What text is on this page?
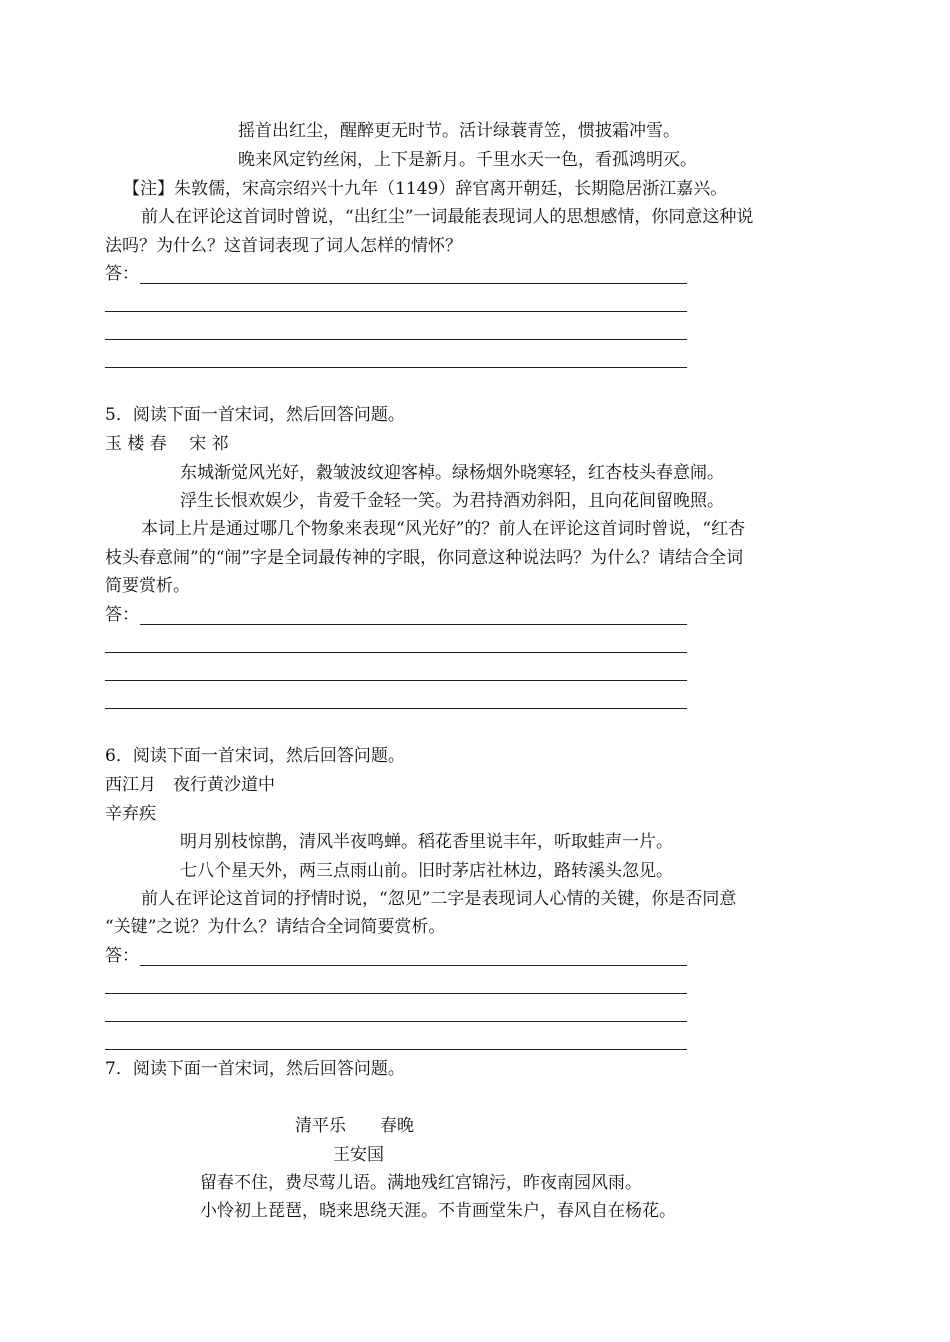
摇首出红尘，醒醉更无时节。活计绿蓑青笠，惯披霜冲雪。
晚来风定钓丝闲，上下是新月。千里水天一色，看孤鸿明灭。
【注】朱敦儒，宋高宗绍兴十九年（1149）辞官离开朝廷，长期隐居浙江嘉兴。
前人在评论这首词时曾说，“出红尘”一词最能表现词人的思想感情，你同意这种说
法吗？为什么？这首词表现了词人怎样的情怀？
答：
5．阅读下面一首宋词，然后回答问题。
玉 楼 春　 宋 祁
东城渐觉风光好，縠皱波纹迎客棹。绿杨烟外晓寒轻，红杏枝头春意闹。
浮生长恨欢娱少，肯爱千金轻一笑。为君持酒劝斜阳，且向花间留晚照。
本词上片是通过哪几个物象来表现“风光好”的？前人在评论这首词时曾说，“红杏
枝头春意闹”的“闹”字是全词最传神的字眼，你同意这种说法吗？为什么？请结合全词
简要赏析。
答：
6．阅读下面一首宋词，然后回答问题。
西江月　夜行黄沙道中
辛弃疾
明月别枝惊鹊，清风半夜鸣蝉。稻花香里说丰年，听取蛙声一片。
七八个星天外，两三点雨山前。旧时茅店社林边，路转溪头忽见。
前人在评论这首词的抒情时说，“忽见”二字是表现词人心情的关键，你是否同意
“关键”之说？为什么？请结合全词简要赏析。
答：
7．阅读下面一首宋词，然后回答问题。
清平乐　　春晚
王安国
留春不住，费尽莺儿语。满地残红宫锦污，昨夜南园风雨。
小怜初上琵琶，晓来思绕天涯。不肯画堂朱户，春风自在杨花。
